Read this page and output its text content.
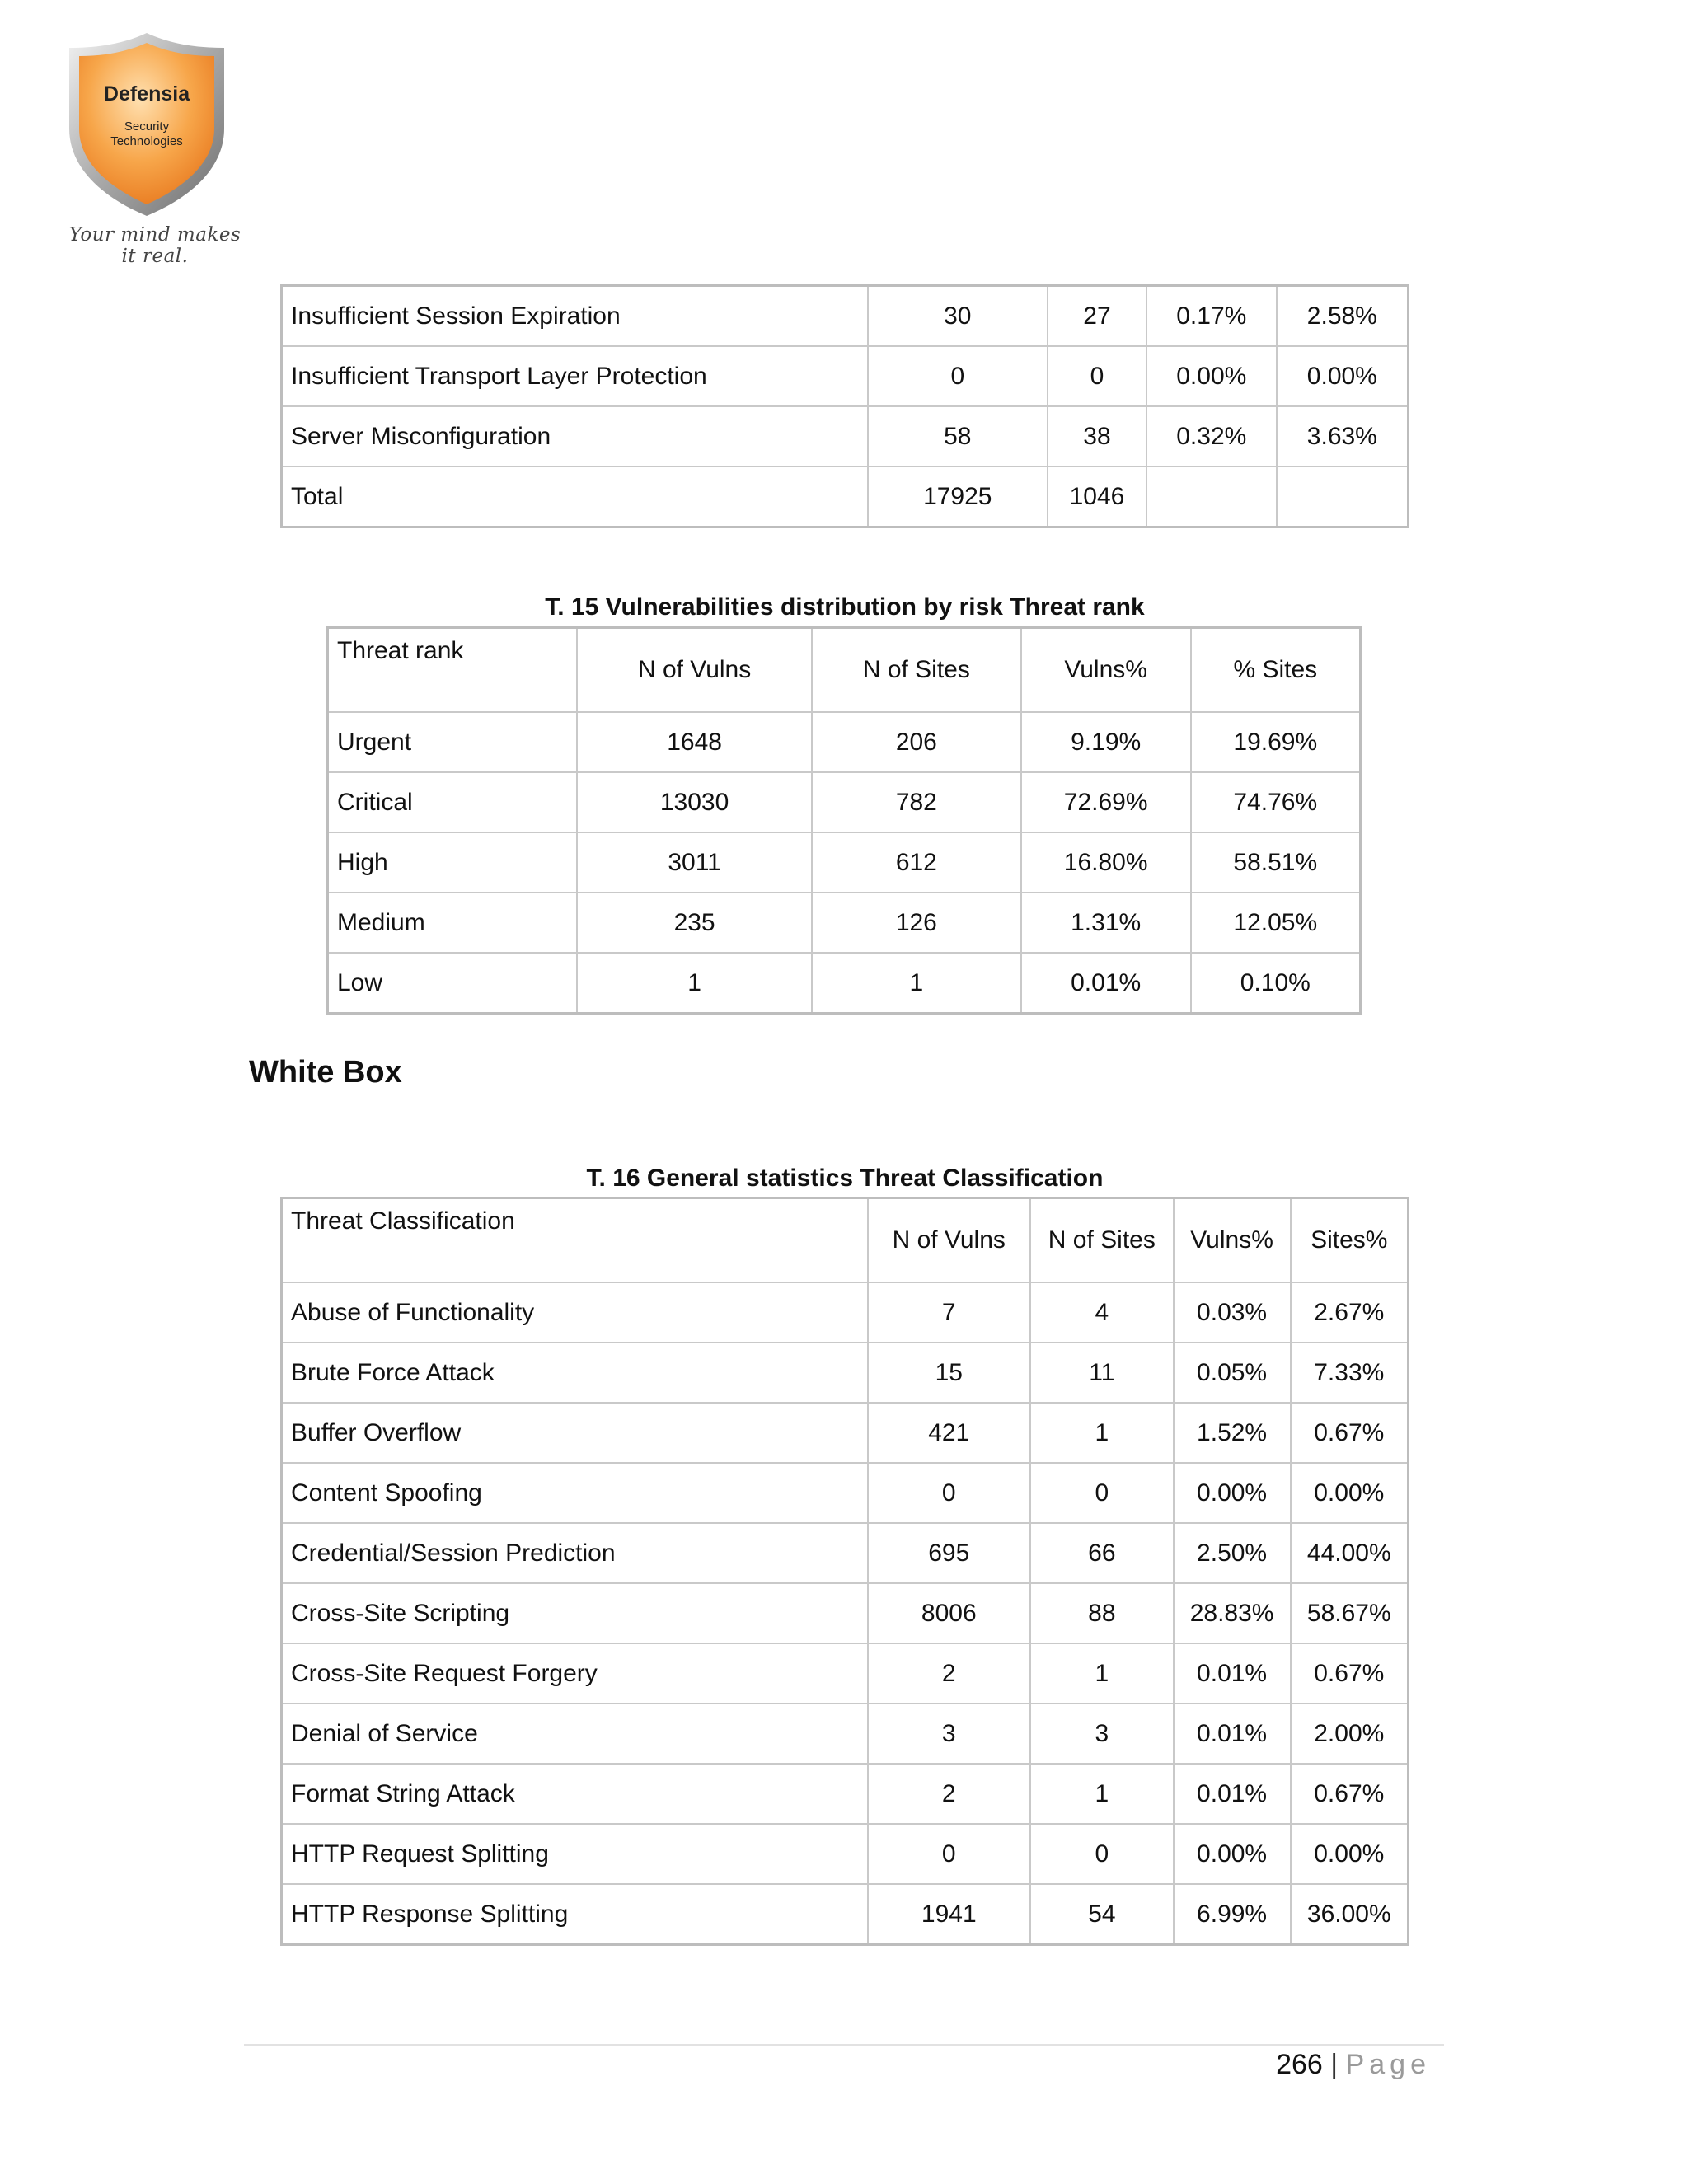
Defensia
Security
Technologies
Your mind makes it real.
Insufficient Session Expiration	30	27	0.17%	2.58%
Insufficient Transport Layer Protection	0	0	0.00%	0.00%
Server Misconfiguration	58	38	0.32%	3.63%
Total	17925	1046		
T. 15 Vulnerabilities distribution by risk Threat rank
Threat rank	N of Vulns	N of Sites	Vulns%	% Sites
Urgent	1648	206	9.19%	19.69%
Critical	13030	782	72.69%	74.76%
High	3011	612	16.80%	58.51%
Medium	235	126	1.31%	12.05%
Low	1	1	0.01%	0.10%
White Box
T. 16 General statistics Threat Classification
Threat Classification	N of Vulns	N of Sites	Vulns%	Sites%
Abuse of Functionality	7	4	0.03%	2.67%
Brute Force Attack	15	11	0.05%	7.33%
Buffer Overflow	421	1	1.52%	0.67%
Content Spoofing	0	0	0.00%	0.00%
Credential/Session Prediction	695	66	2.50%	44.00%
Cross-Site Scripting	8006	88	28.83%	58.67%
Cross-Site Request Forgery	2	1	0.01%	0.67%
Denial of Service	3	3	0.01%	2.00%
Format String Attack	2	1	0.01%	0.67%
HTTP Request Splitting	0	0	0.00%	0.00%
HTTP Response Splitting	1941	54	6.99%	36.00%
266 | Page
